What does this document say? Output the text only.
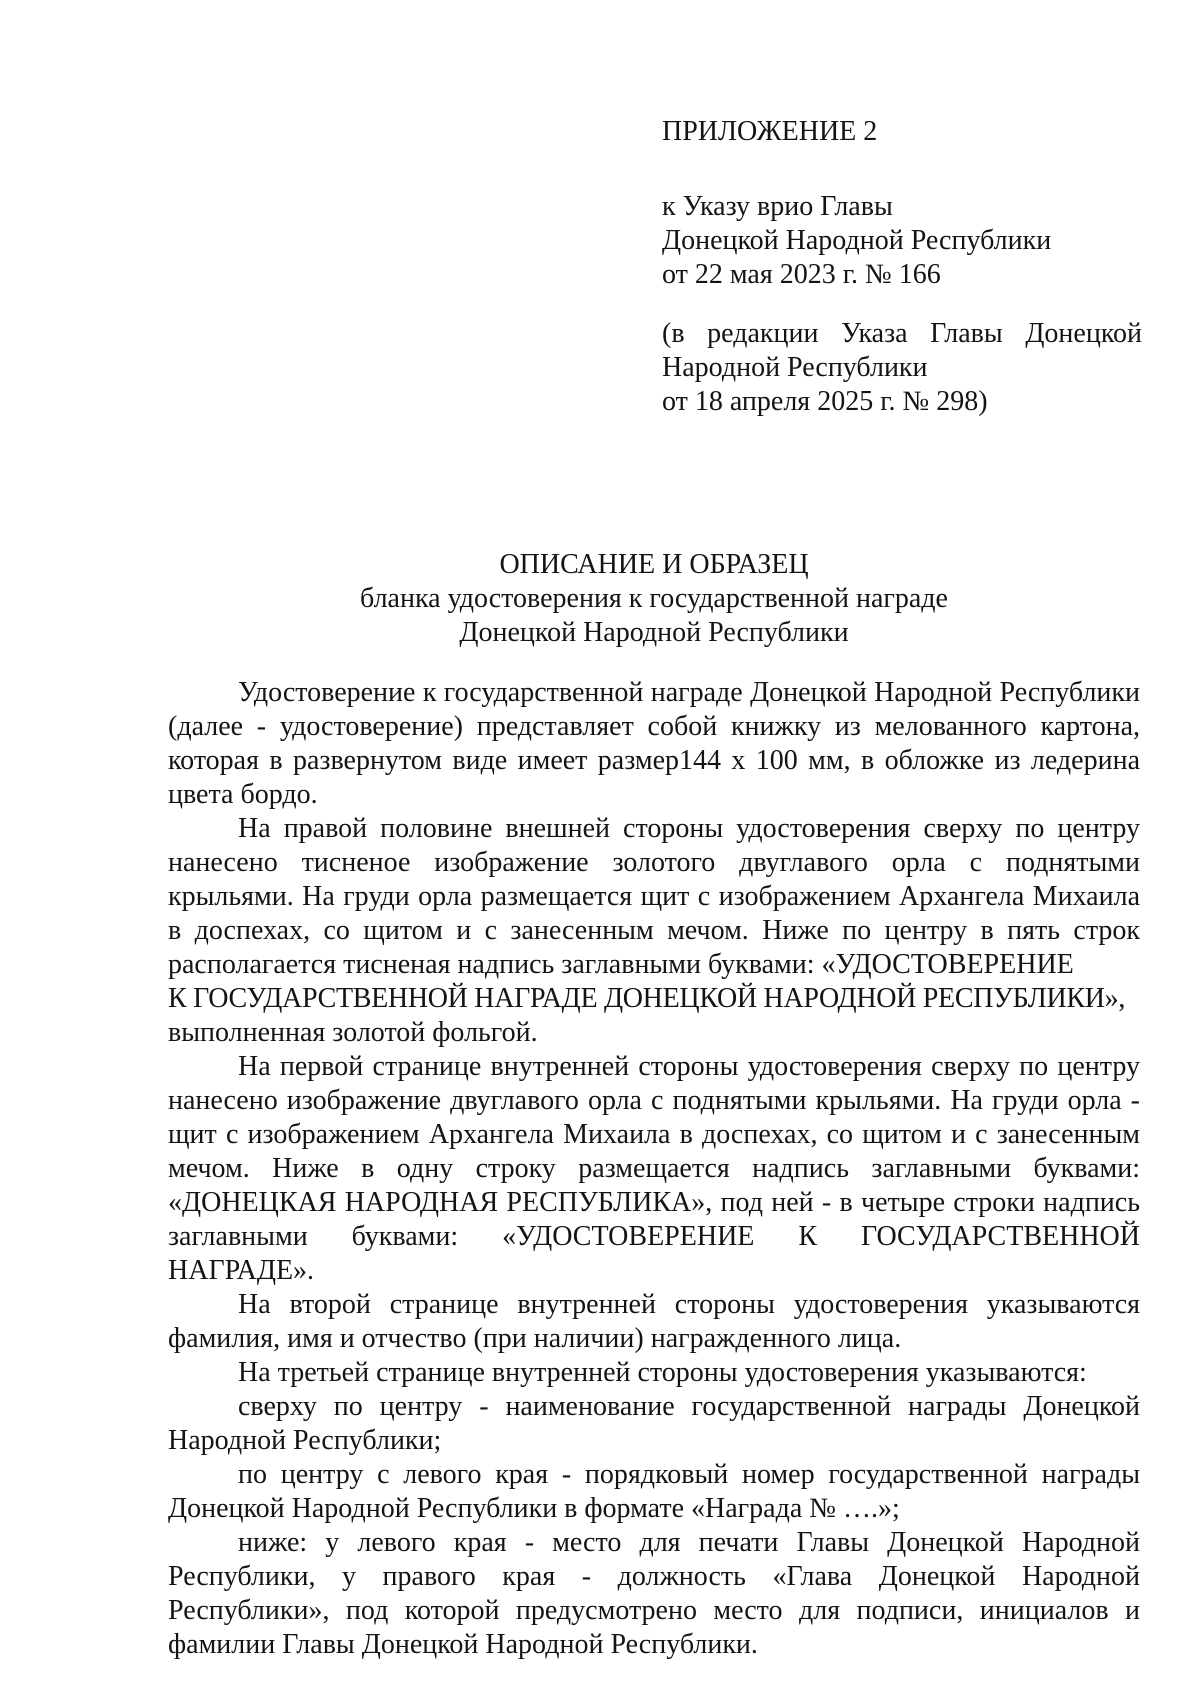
ПРИЛОЖЕНИЕ 2
к Указу врио Главы
Донецкой Народной Республики
от 22 мая 2023 г. № 166
(в редакции Указа Главы Донецкой
Народной Республики
от 18 апреля 2025 г. № 298)
ОПИСАНИЕ И ОБРАЗЕЦ
бланка удостоверения к государственной награде
Донецкой Народной Республики

Удостоверение к государственной награде Донецкой Народной Республики (далее - удостоверение) представляет собой книжку из мелованного картона, которая в развернутом виде имеет размер144 х 100 мм, в обложке из ледерина цвета бордо.

На правой половине внешней стороны удостоверения сверху по центру нанесено тисненое изображение золотого двуглавого орла с поднятыми крыльями. На груди орла размещается щит с изображением Архангела Михаила в доспехах, со щитом и с занесенным мечом. Ниже по центру в пять строк располагается тисненая надпись заглавными буквами: «УДОСТОВЕРЕНИЕ
К ГОСУДАРСТВЕННОЙ НАГРАДЕ ДОНЕЦКОЙ НАРОДНОЙ РЕСПУБЛИКИ»,
выполненная золотой фольгой.

На первой странице внутренней стороны удостоверения сверху по центру нанесено изображение двуглавого орла с поднятыми крыльями. На груди орла - щит с изображением Архангела Михаила в доспехах, со щитом и с занесенным мечом. Ниже в одну строку размещается надпись заглавными буквами: «ДОНЕЦКАЯ НАРОДНАЯ РЕСПУБЛИКА», под ней - в четыре строки надпись заглавными буквами: «УДОСТОВЕРЕНИЕ К ГОСУДАРСТВЕННОЙ НАГРАДЕ».

На второй странице внутренней стороны удостоверения указываются фамилия, имя и отчество (при наличии) награжденного лица.

На третьей странице внутренней стороны удостоверения указываются:

сверху по центру - наименование государственной награды Донецкой Народной Республики;

по центру с левого края - порядковый номер государственной награды Донецкой Народной Республики в формате «Награда № ….»;

ниже: у левого края - место для печати Главы Донецкой Народной Республики, у правого края - должность «Глава Донецкой Народной Республики», под которой предусмотрено место для подписи, инициалов и фамилии Главы Донецкой Народной Республики.
